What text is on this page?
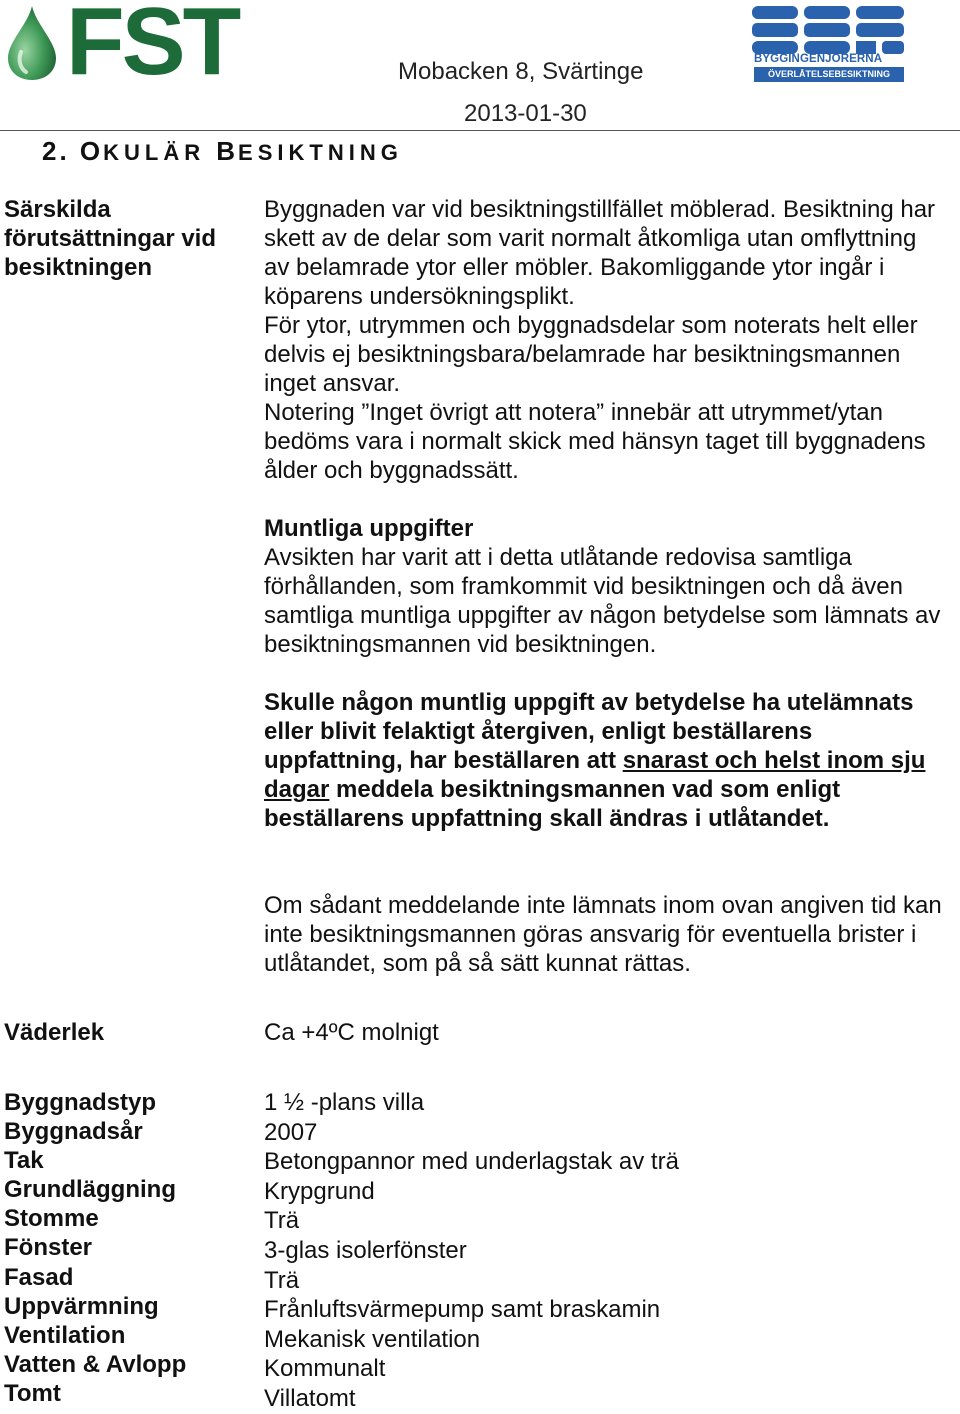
FST	Mobacken 8, Svärtinge
2013-01-30
BYGGINGENJÖRERNA
ÖVERLÅTELSEBESIKTNING
2. OKULÄR BESIKTNING
Särskilda förutsättningar vid besiktningen
Byggnaden var vid besiktningstillfället möblerad. Besiktning har skett av de delar som varit normalt åtkomliga utan omflyttning av belamrade ytor eller möbler. Bakomliggande ytor ingår i köparens undersökningsplikt.
För ytor, utrymmen och byggnadsdelar som noterats helt eller delvis ej besiktningsbara/belamrade har besiktningsmannen inget ansvar.
Notering ”Inget övrigt att notera” innebär att utrymmet/ytan bedöms vara i normalt skick med hänsyn taget till byggnadens ålder och byggnadssätt.
Muntliga uppgifter
Avsikten har varit att i detta utlåtande redovisa samtliga förhållanden, som framkommit vid besiktningen och då även samtliga muntliga uppgifter av någon betydelse som lämnats av besiktningsmannen vid besiktningen.
Skulle någon muntlig uppgift av betydelse ha utelämnats eller blivit felaktigt återgiven, enligt beställarens uppfattning, har beställaren att snarast och helst inom sju dagar meddela besiktningsmannen vad som enligt beställarens uppfattning skall ändras i utlåtandet.
Om sådant meddelande inte lämnats inom ovan angiven tid kan inte besiktningsmannen göras ansvarig för eventuella brister i utlåtandet, som på så sätt kunnat rättas.
Väderlek	Ca +4ºC molnigt
Byggnadstyp
Byggnadsår
Tak
Grundläggning
Stomme
Fönster
Fasad
Uppvärmning
Ventilation
Vatten & Avlopp
Tomt
1 ½ -plans villa
2007
Betongpannor med underlagstak av trä
Krypgrund
Trä
3-glas isolerfönster
Trä
Frånluftsvärmepump samt braskamin
Mekanisk ventilation
Kommunalt
Villatomt
